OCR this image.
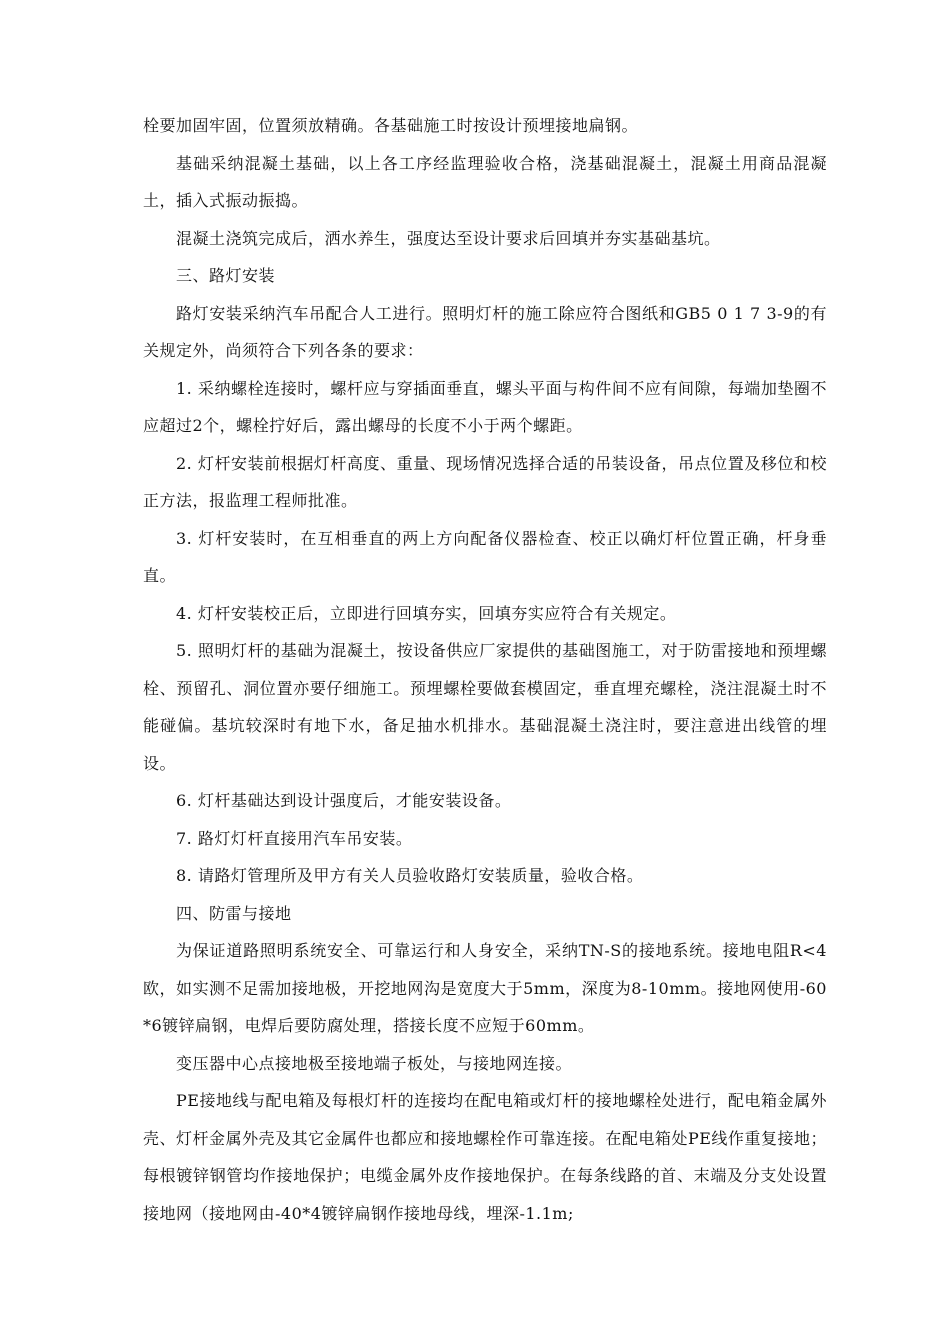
栓要加固牢固，位置须放精确。各基础施工时按设计预埋接地扁钢。

基础采纳混凝土基础，以上各工序经监理验收合格，浇基础混凝土，混凝土用商品混凝土，插入式振动振捣。

混凝土浇筑完成后，洒水养生，强度达至设计要求后回填并夯实基础基坑。

三、路灯安装

路灯安装采纳汽车吊配合人工进行。照明灯杆的施工除应符合图纸和GB5 0 1 7 3-9的有关规定外，尚须符合下列各条的要求：

1. 采纳螺栓连接时，螺杆应与穿插面垂直，螺头平面与构件间不应有间隙，每端加垫圈不应超过2个，螺栓拧好后，露出螺母的长度不小于两个螺距。

2. 灯杆安装前根据灯杆高度、重量、现场情况选择合适的吊装设备，吊点位置及移位和校正方法，报监理工程师批准。

3. 灯杆安装时，在互相垂直的两上方向配备仪器检查、校正以确灯杆位置正确，杆身垂直。

4. 灯杆安装校正后，立即进行回填夯实，回填夯实应符合有关规定。

5. 照明灯杆的基础为混凝土，按设备供应厂家提供的基础图施工，对于防雷接地和预埋螺栓、预留孔、洞位置亦要仔细施工。预埋螺栓要做套模固定，垂直埋充螺栓，浇注混凝土时不能碰偏。基坑较深时有地下水，备足抽水机排水。基础混凝土浇注时，要注意进出线管的埋设。

6. 灯杆基础达到设计强度后，才能安装设备。

7. 路灯灯杆直接用汽车吊安装。

8. 请路灯管理所及甲方有关人员验收路灯安装质量，验收合格。

四、防雷与接地

为保证道路照明系统安全、可靠运行和人身安全，采纳TN-S的接地系统。接地电阻R<4欧，如实测不足需加接地极，开挖地网沟是宽度大于5mm，深度为8-10mm。接地网使用-60*6镀锌扁钢，电焊后要防腐处理，搭接长度不应短于60mm。

变压器中心点接地极至接地端子板处，与接地网连接。

PE接地线与配电箱及每根灯杆的连接均在配电箱或灯杆的接地螺栓处进行，配电箱金属外壳、灯杆金属外壳及其它金属件也都应和接地螺栓作可靠连接。在配电箱处PE线作重复接地；每根镀锌钢管均作接地保护；电缆金属外皮作接地保护。在每条线路的首、末端及分支处设置接地网（接地网由-40*4镀锌扁钢作接地母线，埋深-1.1m;
